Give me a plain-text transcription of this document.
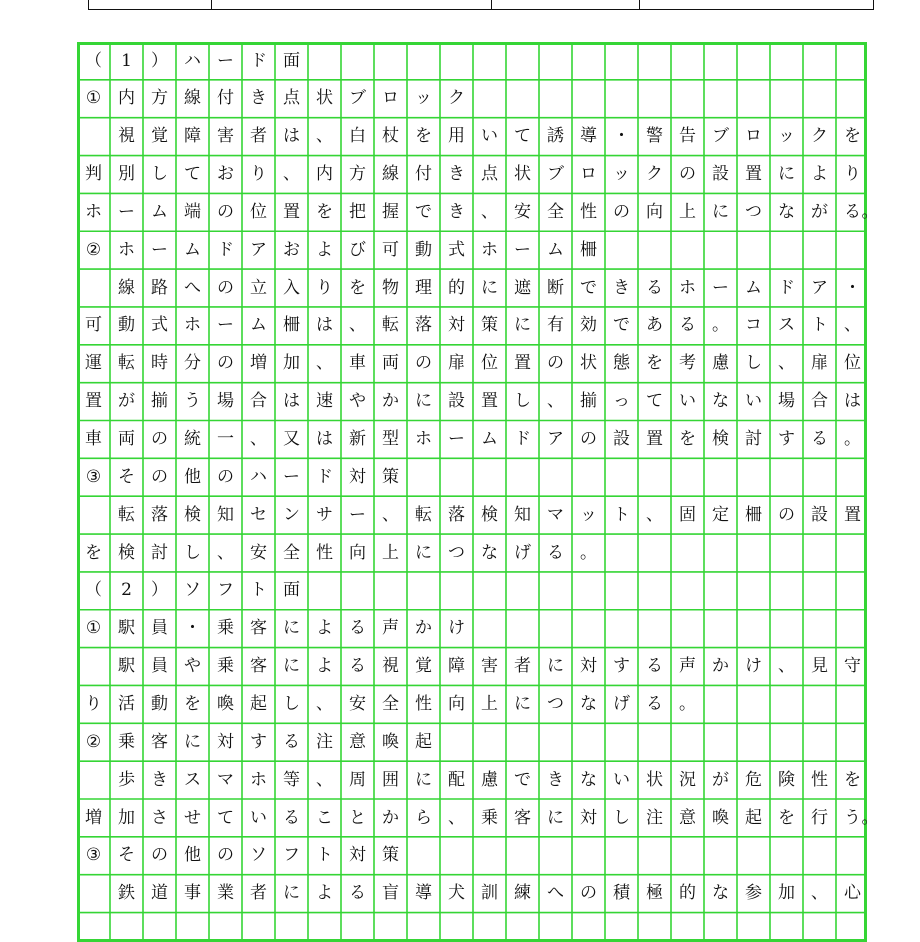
（	1	） ハ ー ド 面
① 内 方 線 付 き 点 状 ブ ロ ッ ク

視 覚 障 害 者 は 、 白 杖 を 用 い て 誘 導 ・ 警 告 ブ ロ ッ ク を
判 別 し て お り 、 内 方 線 付 き 点 状 ブ ロ ッ ク の 設 置 に よ り
ホ ー ム 端 の 位 置 を 把 握 で き 、 安 全 性 の 向 上 に つ な が る 。
② ホ ー ム ド ア お よ び 可 動 式 ホ ー ム 柵

線 路 へ の 立 入 り を 物 理 的 に 遮 断 で き る ホ ー ム ド ア ・
可 動 式 ホ ー ム 柵 は 、 転 落 対 策 に 有 効 で あ る 。 コ ス ト 、
運 転 時 分 の 増 加 、 車 両 の 扉 位 置 の 状 態 を 考 慮 し 、 扉 位
置 が 揃 う 場 合 は 速 や か に 設 置 し 、 揃 っ て い な い 場 合 は
車 両 の 統 一 、 又 は 新 型 ホ ー ム ド ア の 設 置 を 検 討 す る 。
③ そ の 他 の ハ ー ド 対 策

転 落 検 知 セ ン サ ー 、 転 落 検 知 マ ッ ト 、 固 定 柵 の 設 置
を 検 討 し 、 安 全 性 向 上 に つ な げ る 。
（	2	） ソ フ ト 面
① 駅 員 ・ 乗 客 に よ る 声 か け

駅 員 や 乗 客 に よ る 視 覚 障 害 者 に 対 す る 声 か け 、 見 守
り 活 動 を 喚 起 し 、 安 全 性 向 上 に つ な げ る 。
② 乗 客 に 対 す る 注 意 喚 起

歩 き ス マ ホ 等 、 周 囲 に 配 慮 で き な い 状 況 が 危 険 性 を
増 加 さ せ て い る こ と か ら 、 乗 客 に 対 し 注 意 喚 起 を 行 う 。
③ そ の 他 の ソ フ ト 対 策

鉄 道 事 業 者 に よ る 盲 導 犬 訓 練 へ の 積 極 的 な 参 加 、 心
